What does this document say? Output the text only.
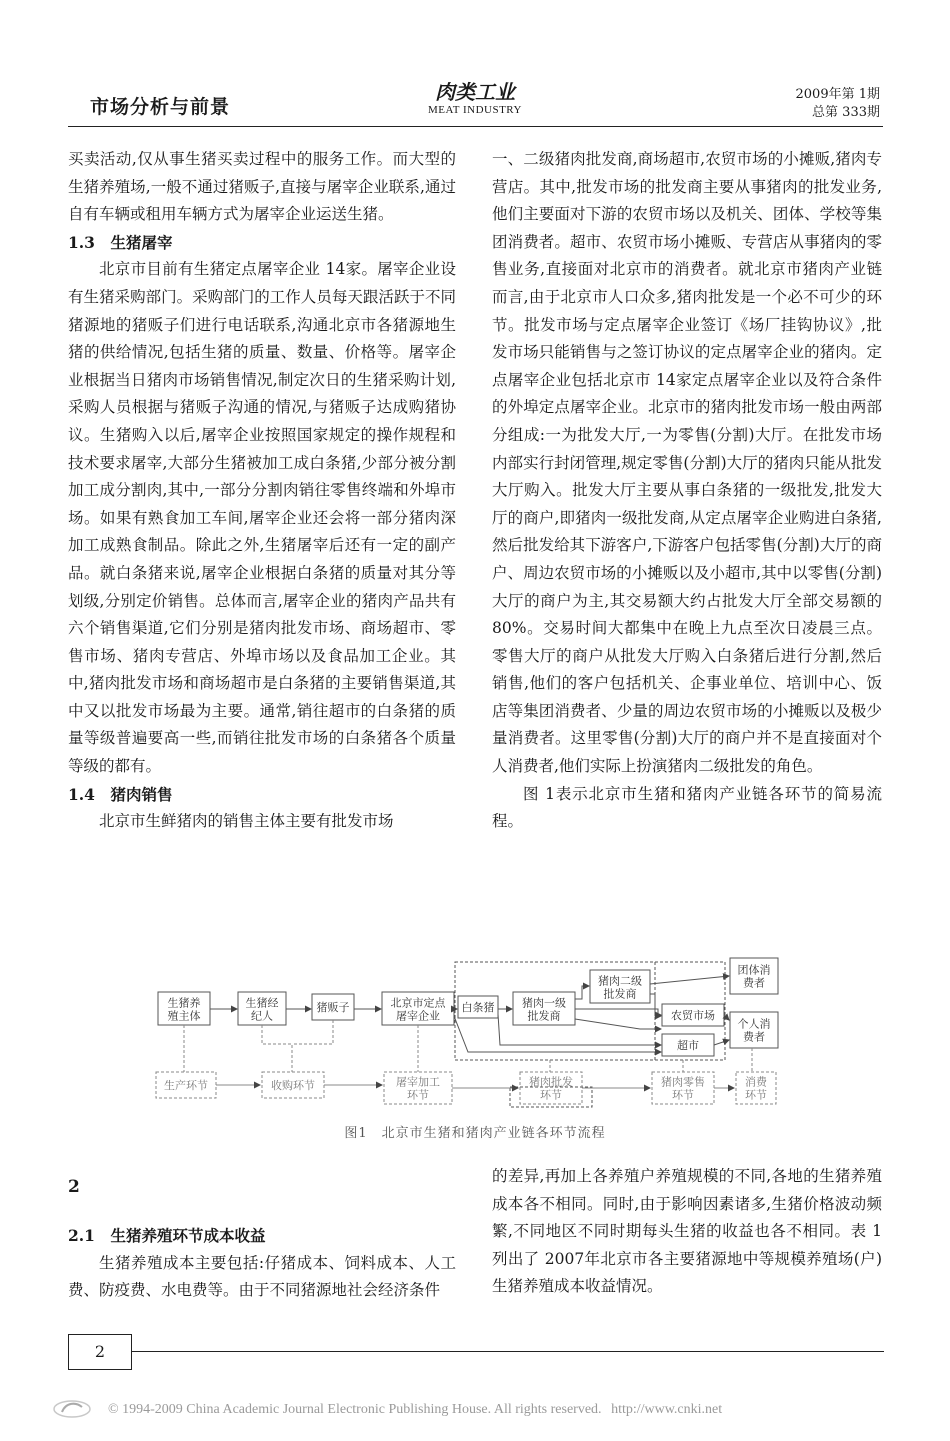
市场分析与前景
肉类工业
MEAT INDUSTRY
2009年第 1期
总第 333期

买卖活动,仅从事生猪买卖过程中的服务工作。而大型的生猪养殖场,一般不通过猪贩子,直接与屠宰企业联系,通过自有车辆或租用车辆方式为屠宰企业运送生猪。

1.3　生猪屠宰

北京市目前有生猪定点屠宰企业 14家。屠宰企业设有生猪采购部门。采购部门的工作人员每天跟活跃于不同猪源地的猪贩子们进行电话联系,沟通北京市各猪源地生猪的供给情况,包括生猪的质量、数量、价格等。屠宰企业根据当日猪肉市场销售情况,制定次日的生猪采购计划,采购人员根据与猪贩子沟通的情况,与猪贩子达成购猪协议。生猪购入以后,屠宰企业按照国家规定的操作规程和技术要求屠宰,大部分生猪被加工成白条猪,少部分被分割加工成分割肉,其中,一部分分割肉销往零售终端和外埠市场。如果有熟食加工车间,屠宰企业还会将一部分猪肉深加工成熟食制品。除此之外,生猪屠宰后还有一定的副产品。就白条猪来说,屠宰企业根据白条猪的质量对其分等划级,分别定价销售。总体而言,屠宰企业的猪肉产品共有六个销售渠道,它们分别是猪肉批发市场、商场超市、零售市场、猪肉专营店、外埠市场以及食品加工企业。其中,猪肉批发市场和商场超市是白条猪的主要销售渠道,其中又以批发市场最为主要。通常,销往超市的白条猪的质量等级普遍要高一些,而销往批发市场的白条猪各个质量等级的都有。

1.4　猪肉销售

北京市生鲜猪肉的销售主体主要有批发市场

一、二级猪肉批发商,商场超市,农贸市场的小摊贩,猪肉专营店。其中,批发市场的批发商主要从事猪肉的批发业务,他们主要面对下游的农贸市场以及机关、团体、学校等集团消费者。超市、农贸市场小摊贩、专营店从事猪肉的零售业务,直接面对北京市的消费者。就北京市猪肉产业链而言,由于北京市人口众多,猪肉批发是一个必不可少的环节。批发市场与定点屠宰企业签订《场厂挂钩协议》,批发市场只能销售与之签订协议的定点屠宰企业的猪肉。定点屠宰企业包括北京市 14家定点屠宰企业以及符合条件的外埠定点屠宰企业。北京市的猪肉批发市场一般由两部分组成:一为批发大厅,一为零售(分割)大厅。在批发市场内部实行封闭管理,规定零售(分割)大厅的猪肉只能从批发大厅购入。批发大厅主要从事白条猪的一级批发,批发大厅的商户,即猪肉一级批发商,从定点屠宰企业购进白条猪,然后批发给其下游客户,下游客户包括零售(分割)大厅的商户、周边农贸市场的小摊贩以及小超市,其中以零售(分割)大厅的商户为主,其交易额大约占批发大厅全部交易额的 80%。交易时间大都集中在晚上九点至次日凌晨三点。零售大厅的商户从批发大厅购入白条猪后进行分割,然后销售,他们的客户包括机关、企事业单位、培训中心、饭店等集团消费者、少量的周边农贸市场的小摊贩以及极少量消费者。这里零售(分割)大厅的商户并不是直接面对个人消费者,他们实际上扮演猪肉二级批发的角色。

图 1表示北京市生猪和猪肉产业链各环节的简易流程。

生猪养
殖主体
生猪经
纪人
猪贩子	北京市定点
屠宰企业
白条猪	猪肉一级
批发商
猪肉二级
批发商
农贸市场
超市
团体消
费者
个人消
费者
生产环节	收购环节	屠宰加工
环节
猪肉批发
环节
猪肉零售
环节
消费
环节
图1　北京市生猪和猪肉产业链各环节流程
2

2.1　生猪养殖环节成本收益

生猪养殖成本主要包括:仔猪成本、饲料成本、人工费、防疫费、水电费等。由于不同猪源地社会经济条件

的差异,再加上各养殖户养殖规模的不同,各地的生猪养殖成本各不相同。同时,由于影响因素诸多,生猪价格波动频繁,不同地区不同时期每头生猪的收益也各不相同。表 1列出了 2007年北京市各主要猪源地中等规模养殖场(户)生猪养殖成本收益情况。

2
© 1994-2009 China Academic Journal Electronic Publishing House. All rights reserved. http://www.cnki.net
